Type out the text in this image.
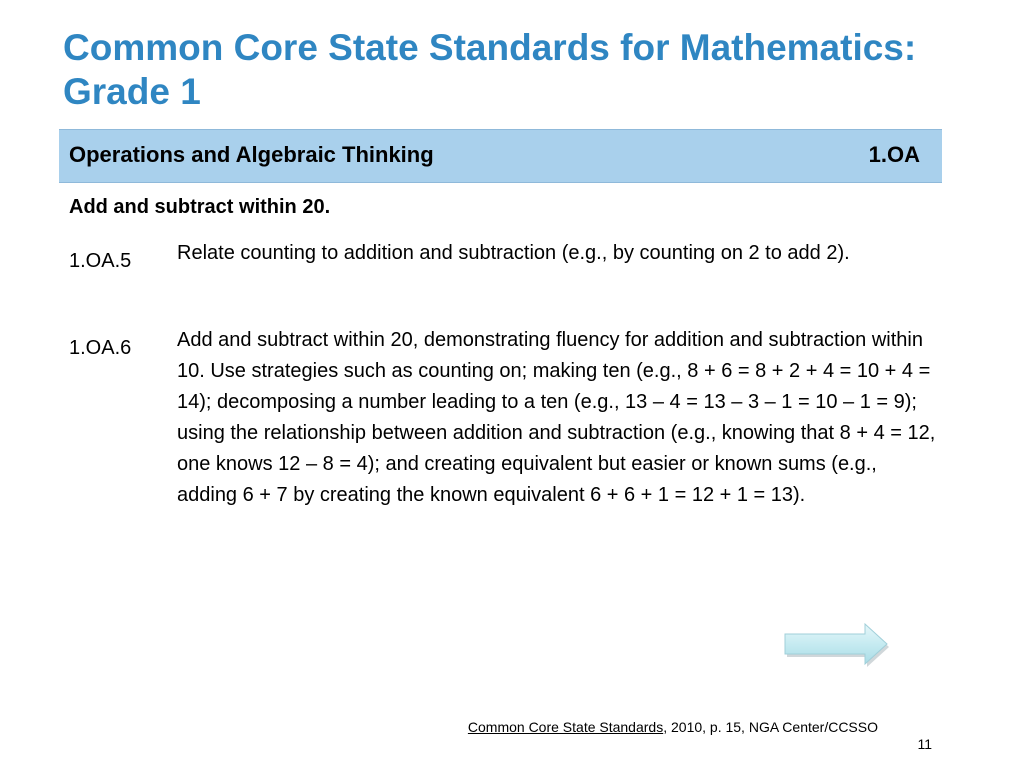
Common Core State Standards for Mathematics: Grade 1
Operations and Algebraic Thinking	1.OA
Add and subtract within 20.
1.OA.5 Relate counting to addition and subtraction (e.g., by counting on 2 to add 2).
1.OA.6 Add and subtract within 20, demonstrating fluency for addition and subtraction within 10. Use strategies such as counting on; making ten (e.g., 8 + 6 = 8 + 2 + 4 = 10 + 4 = 14); decomposing a number leading to a ten (e.g., 13 – 4 = 13 – 3 – 1 = 10 – 1 = 9); using the relationship between addition and subtraction (e.g., knowing that 8 + 4 = 12, one knows 12 – 8 = 4); and creating equivalent but easier or known sums (e.g., adding 6 + 7 by creating the known equivalent 6 + 6 + 1 = 12 + 1 = 13).
Common Core State Standards, 2010, p. 15, NGA Center/CCSSO
11
